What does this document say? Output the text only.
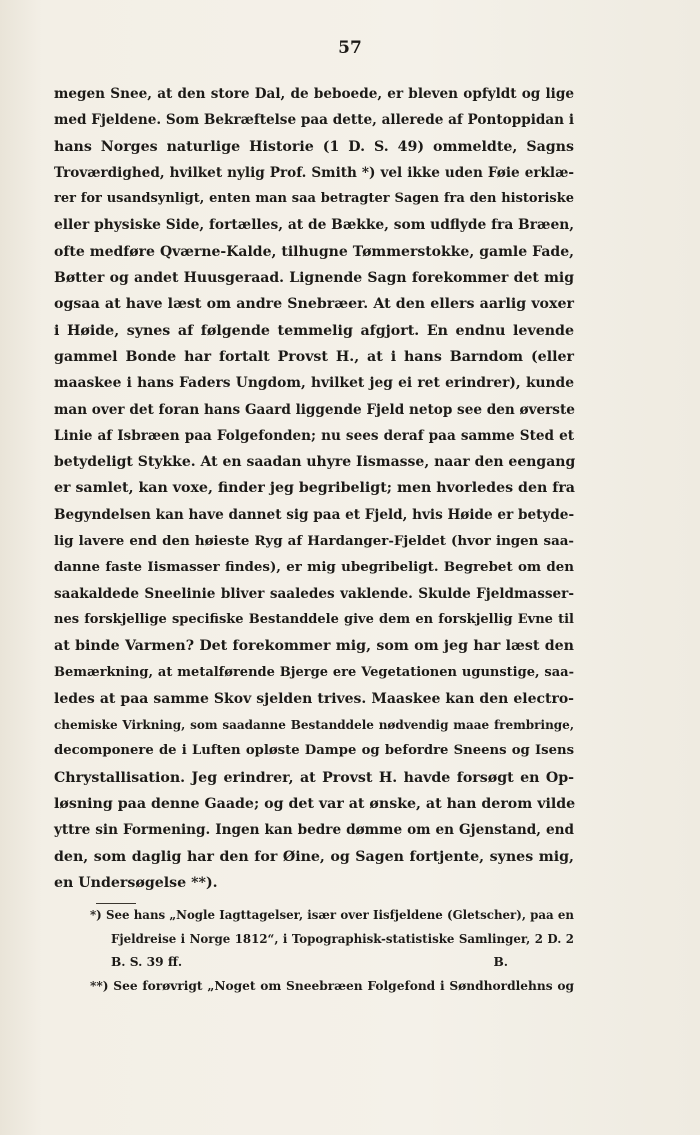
57
megen Snee, at den store Dal, de beboede, er bleven opfyldt og lige
med Fjeldene. Som Bekræftelse paa dette, allerede af Pontoppidan i
hans Norges naturlige Historie (1 D. S. 49) ommeldte, Sagns
Troværdighed, hvilket nylig Prof. Smith *) vel ikke uden Føie erklæ-
rer for usandsynligt, enten man saa betragter Sagen fra den historiske
eller physiske Side, fortælles, at de Bække, som udflyde fra Bræen,
ofte medføre Qværne-Kalde, tilhugne Tømmerstokke, gamle Fade,
Bøtter og andet Huusgeraad. Lignende Sagn forekommer det mig
ogsaa at have læst om andre Snebræer. At den ellers aarlig voxer
i Høide, synes af følgende temmelig afgjort. En endnu levende
gammel Bonde har fortalt Provst H., at i hans Barndom (eller
maaskee i hans Faders Ungdom, hvilket jeg ei ret erindrer), kunde
man over det foran hans Gaard liggende Fjeld netop see den øverste
Linie af Isbræen paa Folgefonden; nu sees deraf paa samme Sted et
betydeligt Stykke. At en saadan uhyre Iismasse, naar den eengang
er samlet, kan voxe, finder jeg begribeligt; men hvorledes den fra
Begyndelsen kan have dannet sig paa et Fjeld, hvis Høide er betyde-
lig lavere end den høieste Ryg af Hardanger-Fjeldet (hvor ingen saa-
danne faste Iismasser findes), er mig ubegribeligt. Begrebet om den
saakaldede Sneelinie bliver saaledes vaklende. Skulde Fjeldmasser-
nes forskjellige specifiske Bestanddele give dem en forskjellig Evne til
at binde Varmen? Det forekommer mig, som om jeg har læst den
Bemærkning, at metalførende Bjerge ere Vegetationen ugunstige, saa-
ledes at paa samme Skov sjelden trives. Maaskee kan den electro-
chemiske Virkning, som saadanne Bestanddele nødvendig maae frembringe,
decomponere de i Luften opløste Dampe og befordre Sneens og Isens
Chrystallisation. Jeg erindrer, at Provst H. havde forsøgt en Op-
løsning paa denne Gaade; og det var at ønske, at han derom vilde
yttre sin Formening. Ingen kan bedre dømme om en Gjenstand, end
den, som daglig har den for Øine, og Sagen fortjente, synes mig,
en Undersøgelse **).
*) See hans „Nogle Iagttagelser, især over Iisfjeldene (Gletscher), paa en
Fjeldreise i Norge 1812“, i Topographisk-statistiske Samlinger, 2 D. 2
B. S. 39 ff.	B.
**) See forøvrigt „Noget om Sneebræen Folgefond i Søndhordlehns og
